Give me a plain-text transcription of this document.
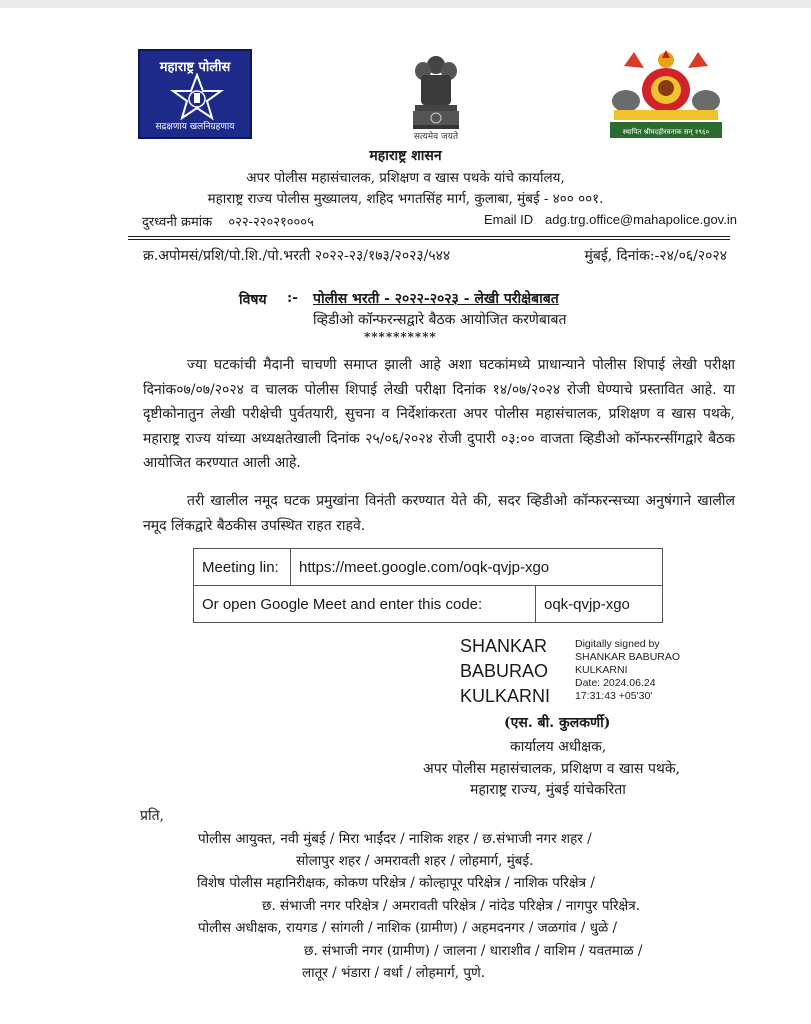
महाराष्ट्र पोलीस
सद्रक्षणाय खलनिग्रहणाय
सत्यमेव जयते	स्थापित श्रीमदहीरवनाक सन् १९६०
महाराष्ट्र शासन
अपर पोलीस महासंचालक, प्रशिक्षण व खास पथके यांचे कार्यालय,
महाराष्ट्र राज्य पोलीस मुख्यालय, शहिद भगतसिंह मार्ग, कुलाबा, मुंबई - ४०० ००१.
दुरध्वनी क्रमांक ०२२-२२०२१०००५	Email ID adg.trg.office@mahapolice.gov.in
क्र.अपोमसं/प्रशि/पो.शि./पो.भरती २०२२-२३/१७३/२०२३/५४४	मुंबई, दिनांक:-२४/०६/२०२४
विषय :- पोलीस भरती - २०२२-२०२३ - लेखी परीक्षेबाबत
व्हिडीओ कॉन्फरन्सद्वारे बैठक आयोजित करणेबाबत
**********

ज्या घटकांची मैदानी चाचणी समाप्त झाली आहे अशा घटकांमध्ये प्राधान्याने पोलीस शिपाई लेखी परीक्षा दिनांक०७/०७/२०२४ व चालक पोलीस शिपाई लेखी परीक्षा दिनांक १४/०७/२०२४ रोजी घेण्याचे प्रस्तावित आहे. या दृष्टीकोनातुन लेखी परीक्षेची पुर्वतयारी, सुचना व निर्देशांकरता अपर पोलीस महासंचालक, प्रशिक्षण व खास पथके, महाराष्ट्र राज्य यांच्या अध्यक्षतेखाली दिनांक २५/०६/२०२४ रोजी दुपारी ०३:०० वाजता व्हिडीओ कॉन्फरन्सींगद्वारे बैठक आयोजित करण्यात आली आहे.

तरी खालील नमूद घटक प्रमुखांना विनंती करण्यात येते की, सदर व्हिडीओ कॉन्फरन्सच्या अनुषंगाने खालील नमूद लिंकद्वारे बैठकीस उपस्थित राहत राहवे.

Meeting lin:	https://meet.google.com/oqk-qvjp-xgo	
Or open Google Meet and enter this code:		oqk-qvjp-xgo
SHANKAR
BABURAO
KULKARNI
Digitally signed by
SHANKAR BABURAO
KULKARNI
Date: 2024.06.24
17:31:43 +05'30'
(एस. बी. कुलकर्णी)
कार्यालय अधीक्षक,
अपर पोलीस महासंचालक, प्रशिक्षण व खास पथके,
महाराष्ट्र राज्य, मुंबई यांचेकरिता
प्रति,
पोलीस आयुक्त, नवी मुंबई / मिरा भाईंदर / नाशिक शहर / छ.संभाजी नगर शहर /
सोलापुर शहर / अमरावती शहर / लोहमार्ग, मुंबई.
विशेष पोलीस महानिरीक्षक, कोकण परिक्षेत्र / कोल्हापूर परिक्षेत्र / नाशिक परिक्षेत्र /
छ. संभाजी नगर परिक्षेत्र / अमरावती परिक्षेत्र / नांदेड परिक्षेत्र / नागपुर परिक्षेत्र.
पोलीस अधीक्षक, रायगड / सांगली / नाशिक (ग्रामीण) / अहमदनगर / जळगांव / धुळे /
छ. संभाजी नगर (ग्रामीण) / जालना / धाराशीव / वाशिम / यवतमाळ /
लातूर / भंडारा / वर्धा / लोहमार्ग, पुणे.
